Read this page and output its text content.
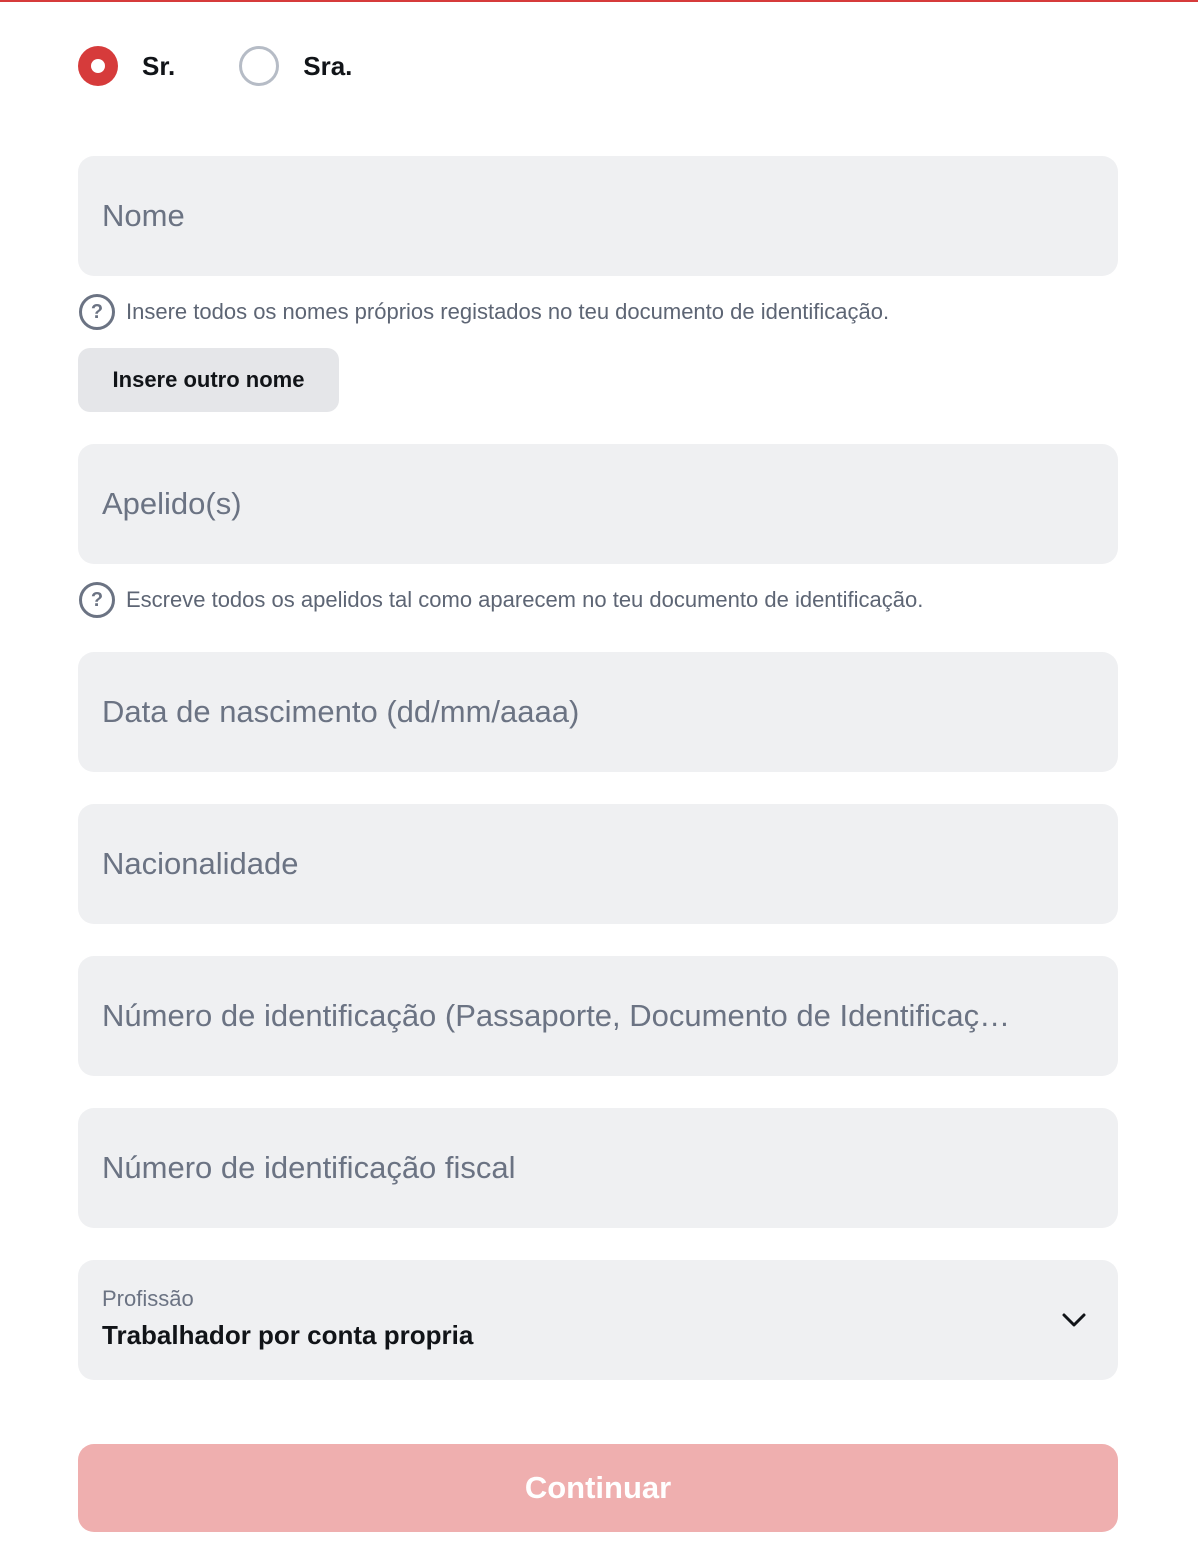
Sr.	Sra.
Nome
?	Insere todos os nomes próprios registados no teu documento de identificação.
Insere outro nome
Apelido(s)
?	Escreve todos os apelidos tal como aparecem no teu documento de identificação.
Data de nascimento (dd/mm/aaaa)
Nacionalidade
Número de identificação (Passaporte, Documento de Identificaç…
Número de identificação fiscal
Profissão
Trabalhador por conta propria
Continuar
